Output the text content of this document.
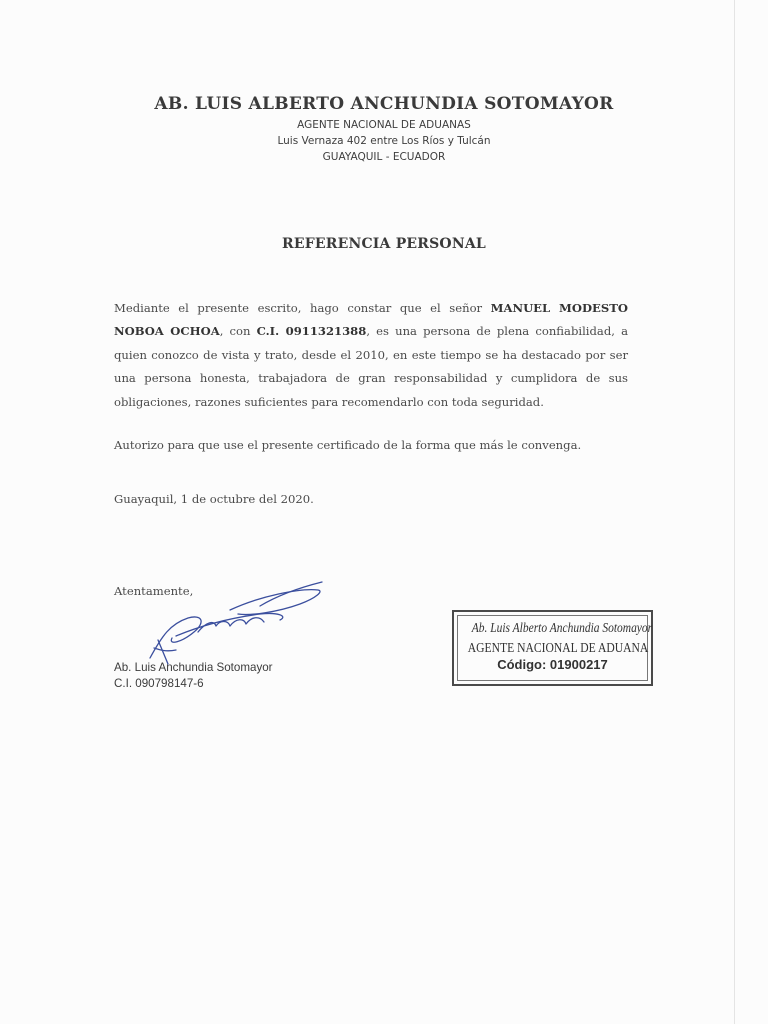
AB. LUIS ALBERTO ANCHUNDIA SOTOMAYOR
AGENTE NACIONAL DE ADUANAS
Luis Vernaza 402 entre Los Ríos y Tulcán
GUAYAQUIL - ECUADOR
REFERENCIA PERSONAL
Mediante el presente escrito, hago constar que el señor MANUEL MODESTO NOBOA OCHOA, con C.I. 0911321388, es una persona de plena confiabilidad, a quien conozco de vista y trato, desde el 2010, en este tiempo se ha destacado por ser una persona honesta, trabajadora de gran responsabilidad y cumplidora de sus obligaciones, razones suficientes para recomendarlo con toda seguridad.
Autorizo para que use el presente certificado de la forma que más le convenga.
Guayaquil, 1 de octubre del 2020.
Atentamente,
Ab. Luis Anchundia Sotomayor
C.I. 090798147-6
Ab. Luis Alberto Anchundia Sotomayor
AGENTE NACIONAL DE ADUANA
Código: 01900217
